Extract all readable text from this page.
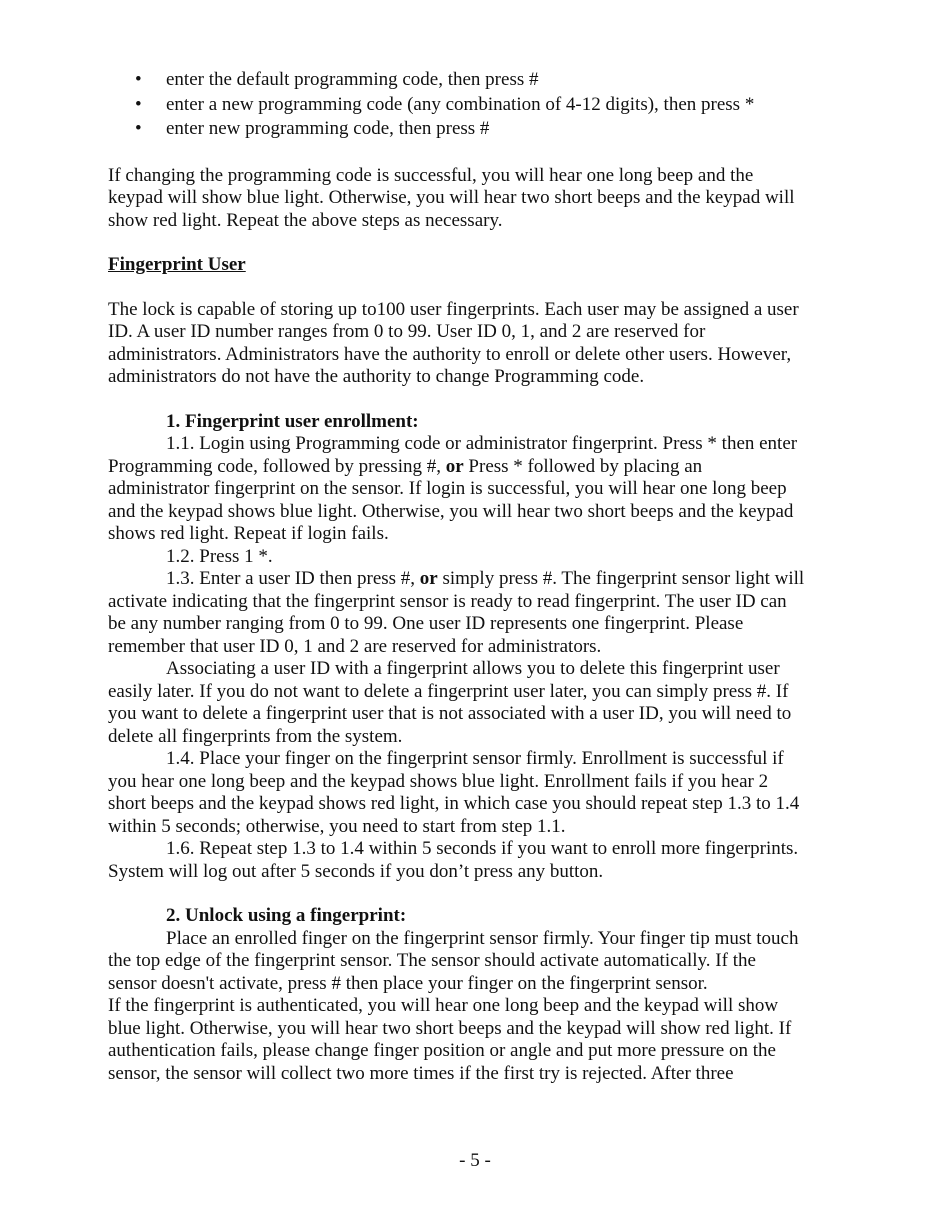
• enter the default programming code, then press #
• enter a new programming code (any combination of 4-12 digits), then press *
• enter new programming code, then press #

If changing the programming code is successful, you will hear one long beep and the keypad will show blue light. Otherwise, you will hear two short beeps and the keypad will show red light. Repeat the above steps as necessary.

Fingerprint User

The lock is capable of storing up to100 user fingerprints. Each user may be assigned a user ID. A user ID number ranges from 0 to 99. User ID 0, 1, and 2 are reserved for administrators. Administrators have the authority to enroll or delete other users. However, administrators do not have the authority to change Programming code.

1. Fingerprint user enrollment:

1.1. Login using Programming code or administrator fingerprint. Press * then enter Programming code, followed by pressing #, or Press * followed by placing an administrator fingerprint on the sensor. If login is successful, you will hear one long beep and the keypad shows blue light. Otherwise, you will hear two short beeps and the keypad shows red light. Repeat if login fails.

1.2. Press 1 *.

1.3. Enter a user ID then press #, or simply press #. The fingerprint sensor light will activate indicating that the fingerprint sensor is ready to read fingerprint. The user ID can be any number ranging from 0 to 99. One user ID represents one fingerprint. Please remember that user ID 0, 1 and 2 are reserved for administrators.

Associating a user ID with a fingerprint allows you to delete this fingerprint user easily later. If you do not want to delete a fingerprint user later, you can simply press #. If you want to delete a fingerprint user that is not associated with a user ID, you will need to delete all fingerprints from the system.

1.4. Place your finger on the fingerprint sensor firmly. Enrollment is successful if you hear one long beep and the keypad shows blue light. Enrollment fails if you hear 2 short beeps and the keypad shows red light, in which case you should repeat step 1.3 to 1.4 within 5 seconds; otherwise, you need to start from step 1.1.

1.6. Repeat step 1.3 to 1.4 within 5 seconds if you want to enroll more fingerprints. System will log out after 5 seconds if you don’t press any button.

2. Unlock using a fingerprint:

Place an enrolled finger on the fingerprint sensor firmly. Your finger tip must touch the top edge of the fingerprint sensor. The sensor should activate automatically. If the sensor doesn't activate, press # then place your finger on the fingerprint sensor.

If the fingerprint is authenticated, you will hear one long beep and the keypad will show blue light. Otherwise, you will hear two short beeps and the keypad will show red light. If authentication fails, please change finger position or angle and put more pressure on the sensor, the sensor will collect two more times if the first try is rejected. After three

- 5 -
